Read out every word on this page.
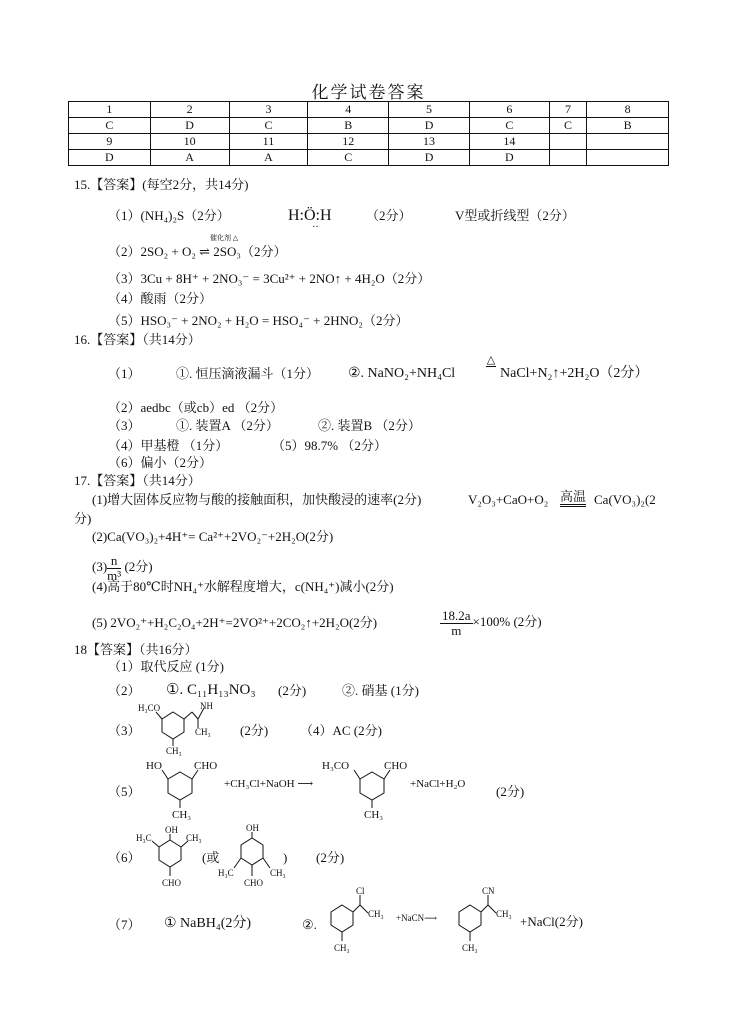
化学试卷答案
1	2	3	4	5	6	7	8
C	D	C	B	D	C	C	B
9	10	11	12	13	14		
D	A	A	C	D	D		
15.【答案】(每空2分，共14分)
（1）(NH₄)₂S（2分）	H:Ö:H
··
（2分）	V型或折线型（2分）
（2）2SO₂ + O₂ ⇌ 2SO₃（2分）
催化剂 △
（3）3Cu + 8H⁺ + 2NO₃⁻ = 3Cu²⁺ + 2NO↑ + 4H₂O（2分）
（4）酸雨（2分）
（5）HSO₃⁻ + 2NO₂ + H₂O = HSO₄⁻ + 2HNO₂（2分）
16.【答案】（共14分）
（1）	①. 恒压滴液漏斗（1分） ②. NaNO₂+NH₄Cl
△
NaCl+N₂↑+2H₂O（2分）
（2）aedbc（或cb）ed （2分）
（3）	①. 装置A （2分）	②. 装置B （2分）
（4）甲基橙 （1分）	（5）98.7% （2分）
（6）偏小（2分）
17.【答案】（共14分）
(1)增大固体反应物与酸的接触面积，加快酸浸的速率(2分)	V₂O₃+CaO+O₂ 高温 Ca(VO₃)₂(2
分)
(2)Ca(VO₃)₂+4H⁺= Ca²⁺+2VO₂⁻+2H₂O(2分)
$(3) \frac{n}{\text{m³}} (2$分)
(4)高于80℃时NH₄⁺水解程度增大，c(NH₄⁺)减小(2分)
(5) 2VO₂⁺+H₂C₂O₄+2H⁺=2VO²⁺+2CO₂↑+2H₂O(2分)	$\frac{18.2a}{m}\times 100\%$ (2分)
18【答案】（共16分）
（1）取代反应 (1分)
（2） ①. C₁₁H₁₃NO₃ (2分)	②. 硝基 (1分)
（3）
H₃CO	NH
CH₃
CH₃
(2分) （4）AC (2分)
（5）
HO	CHO
CH₃
+CH₃Cl+NaOH ⟶
H₃CO	CHO
CH₃
+NaCl+H₂O (2分)
（6）
OH
H₃C	CH₃
CHO
(或
OH
H₃C	CH₃
CHO
) (2分)
（7） ① NaBH₄(2分)	②.
Cl
CH₃
CH₃
+NaCN⟶
CN
CH₃
CH₃
+NaCl(2分)
